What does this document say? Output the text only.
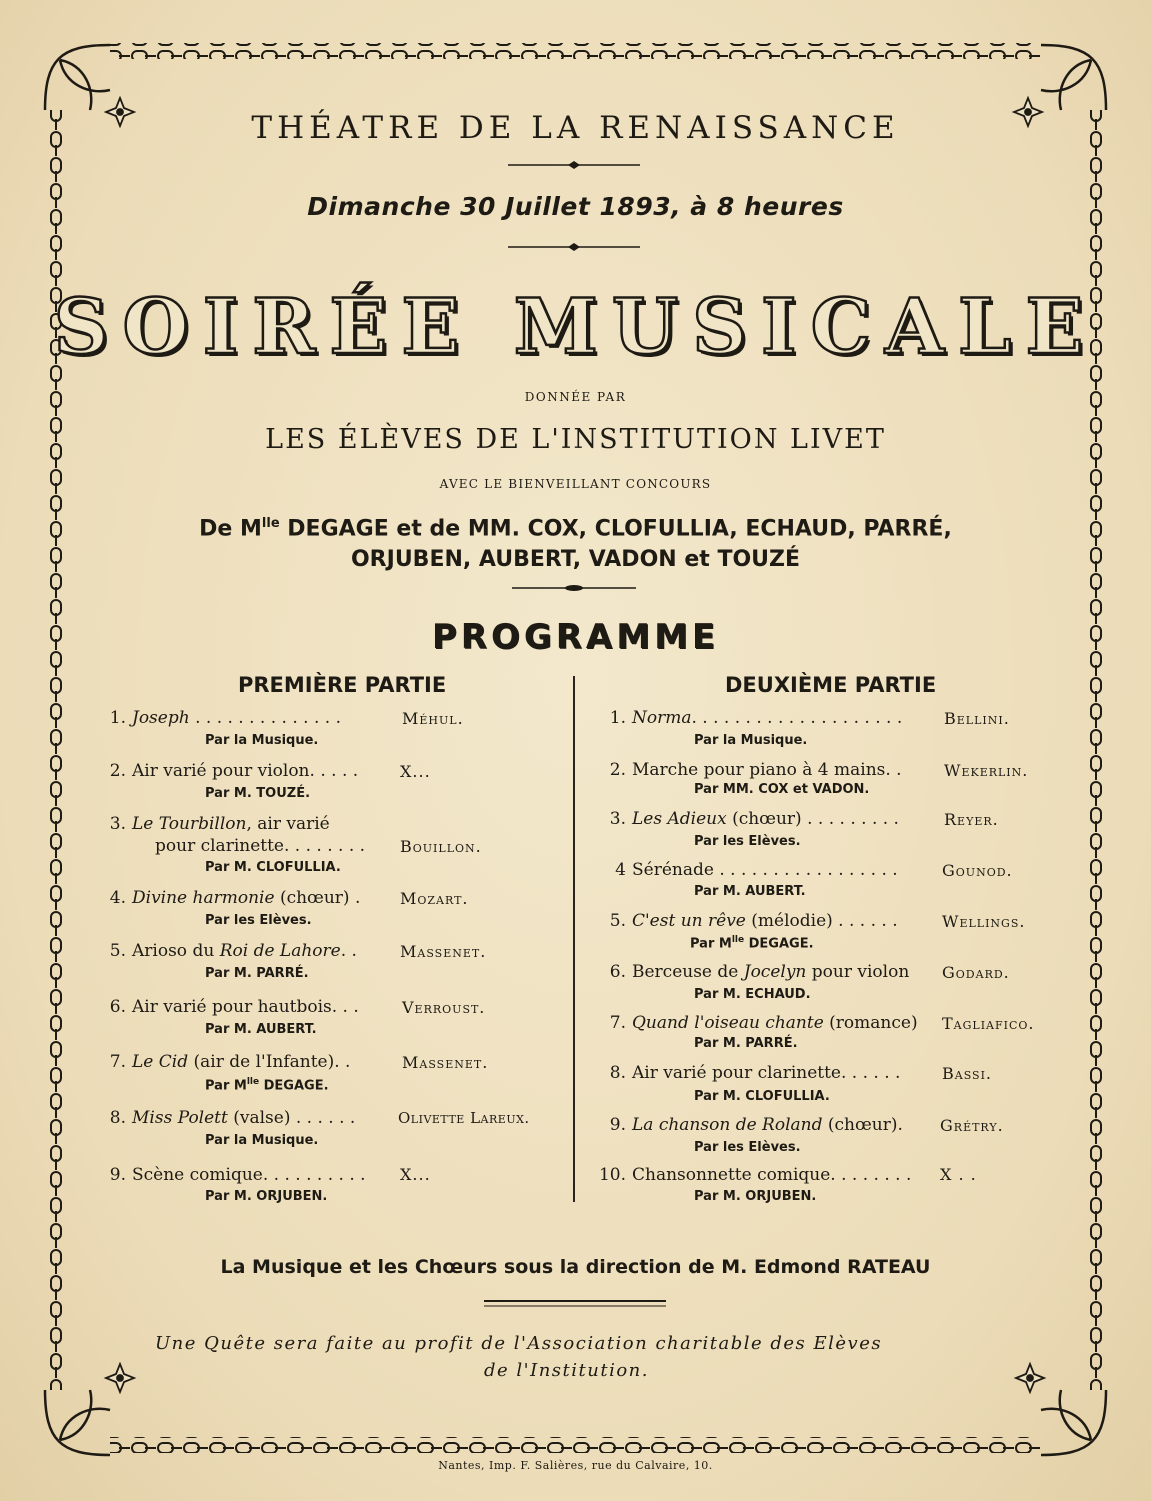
THÉATRE DE LA RENAISSANCE
Dimanche 30 Juillet 1893, à 8 heures
SOIRÉE MUSICALE
DONNÉE PAR
LES ÉLÈVES DE L'INSTITUTION LIVET
AVEC LE BIENVEILLANT CONCOURS
De $M^{lle}$ DEGAGE et de MM. COX, CLOFULLIA, ECHAUD, PARRÉ,
ORJUBEN, AUBERT, VADON et TOUZÉ
PROGRAMME
PREMIÈRE PARTIE	DEUXIÈME PARTIE
1. Joseph . . . . . . . . . . . . . .	Méhul.
Par la Musique.
2. Air varié pour violon. . . . .	X...
Par M. TOUZÉ.
3. Le Tourbillon, air varié
pour clarinette. . . . . . . . Bouillon.
Par M. CLOFULLIA.
4. Divine harmonie (chœur) . Mozart.
Par les Elèves.
5. Arioso du Roi de Lahore. .	Massenet.
Par M. PARRÉ.
6. Air varié pour hautbois. . .	Verroust.
Par M. AUBERT.
7. Le Cid (air de l'Infante). .	Massenet.
Par $M^{lle}$ DEGAGE.
8. Miss Polett (valse) . . . . . .	Olivette Lareux.
Par la Musique.
9. Scène comique. . . . . . . . . . X...
Par M. ORJUBEN.
1. Norma. . . . . . . . . . . . . . . . . . . .	Bellini.
Par la Musique.
2. Marche pour piano à 4 mains. .	Wekerlin.
Par MM. COX et VADON.
3. Les Adieux (chœur) . . . . . . . . .	Reyer.
Par les Elèves.
4 Sérénade . . . . . . . . . . . . . . . . .	Gounod.
Par M. AUBERT.
5. C'est un rêve (mélodie) . . . . . .	Wellings.
Par $M^{lle}$ DEGAGE.
6. Berceuse de Jocelyn pour violon Godard.
Par M. ECHAUD.
7. Quand l'oiseau chante (romance) Tagliafico.
Par M. PARRÉ.
8. Air varié pour clarinette. . . . . .	Bassi.
Par M. CLOFULLIA.
9. La chanson de Roland (chœur). Grétry.
Par les Elèves.
10. Chansonnette comique. . . . . . . . X . .
Par M. ORJUBEN.
La Musique et les Chœurs sous la direction de M. Edmond RATEAU
Une Quête sera faite au profit de l'Association charitable des Elèves
de l'Institution.
Nantes, Imp. F. Salières, rue du Calvaire, 10.
